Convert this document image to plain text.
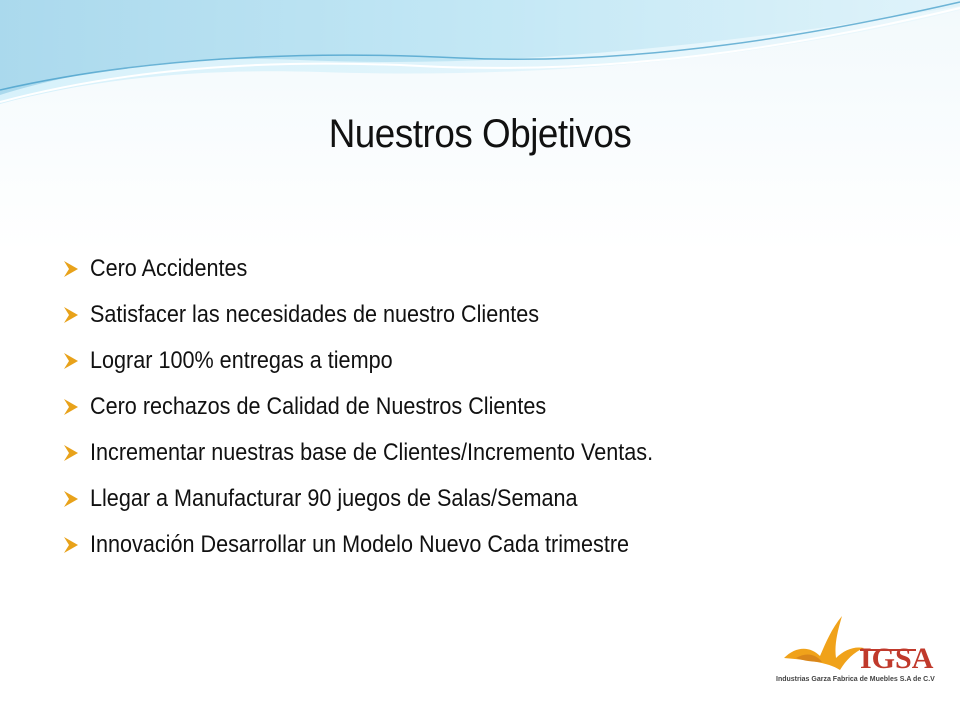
Nuestros Objetivos
Cero Accidentes
Satisfacer las necesidades de nuestro Clientes
Lograr 100% entregas a tiempo
Cero rechazos de Calidad de Nuestros Clientes
Incrementar nuestras base de Clientes/Incremento Ventas.
Llegar a Manufacturar 90 juegos de Salas/Semana
Innovación Desarrollar un Modelo Nuevo Cada trimestre
IGSA
Industrias Garza Fabrica de Muebles S.A de C.V
